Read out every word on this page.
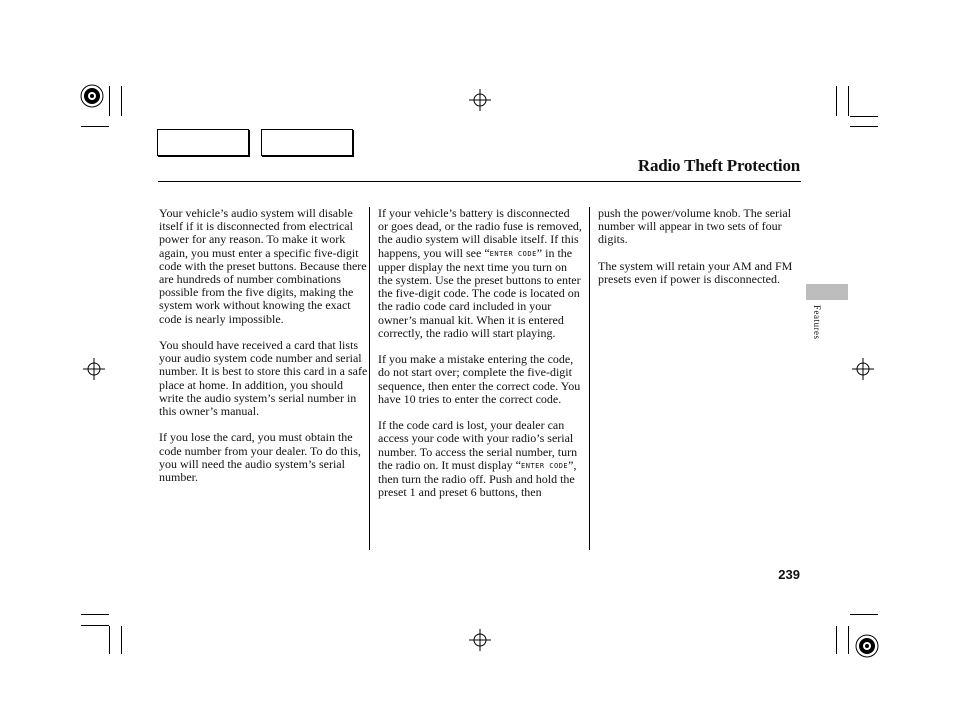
Radio Theft Protection

Your vehicle’s audio system will disable itself if it is disconnected from electrical power for any reason. To make it work again, you must enter a specific five-digit code with the preset buttons. Because there are hundreds of number combinations possible from the five digits, making the system work without knowing the exact code is nearly impossible.

You should have received a card that lists your audio system code number and serial number. It is best to store this card in a safe place at home. In addition, you should write the audio system’s serial number in this owner’s manual.

If you lose the card, you must obtain the code number from your dealer. To do this, you will need the audio system’s serial number.

If your vehicle’s battery is disconnected or goes dead, or the radio fuse is removed, the audio system will disable itself. If this happens, you will see “ENTER CODE” in the upper display the next time you turn on the system. Use the preset buttons to enter the five-digit code. The code is located on the radio code card included in your owner’s manual kit. When it is entered correctly, the radio will start playing.

If you make a mistake entering the code, do not start over; complete the five-digit sequence, then enter the correct code. You have 10 tries to enter the correct code.

If the code card is lost, your dealer can access your code with your radio’s serial number. To access the serial number, turn the radio on. It must display “ENTER CODE”, then turn the radio off. Push and hold the preset 1 and preset 6 buttons, then

push the power/volume knob. The serial number will appear in two sets of four digits.

The system will retain your AM and FM presets even if power is disconnected.

Features
239
